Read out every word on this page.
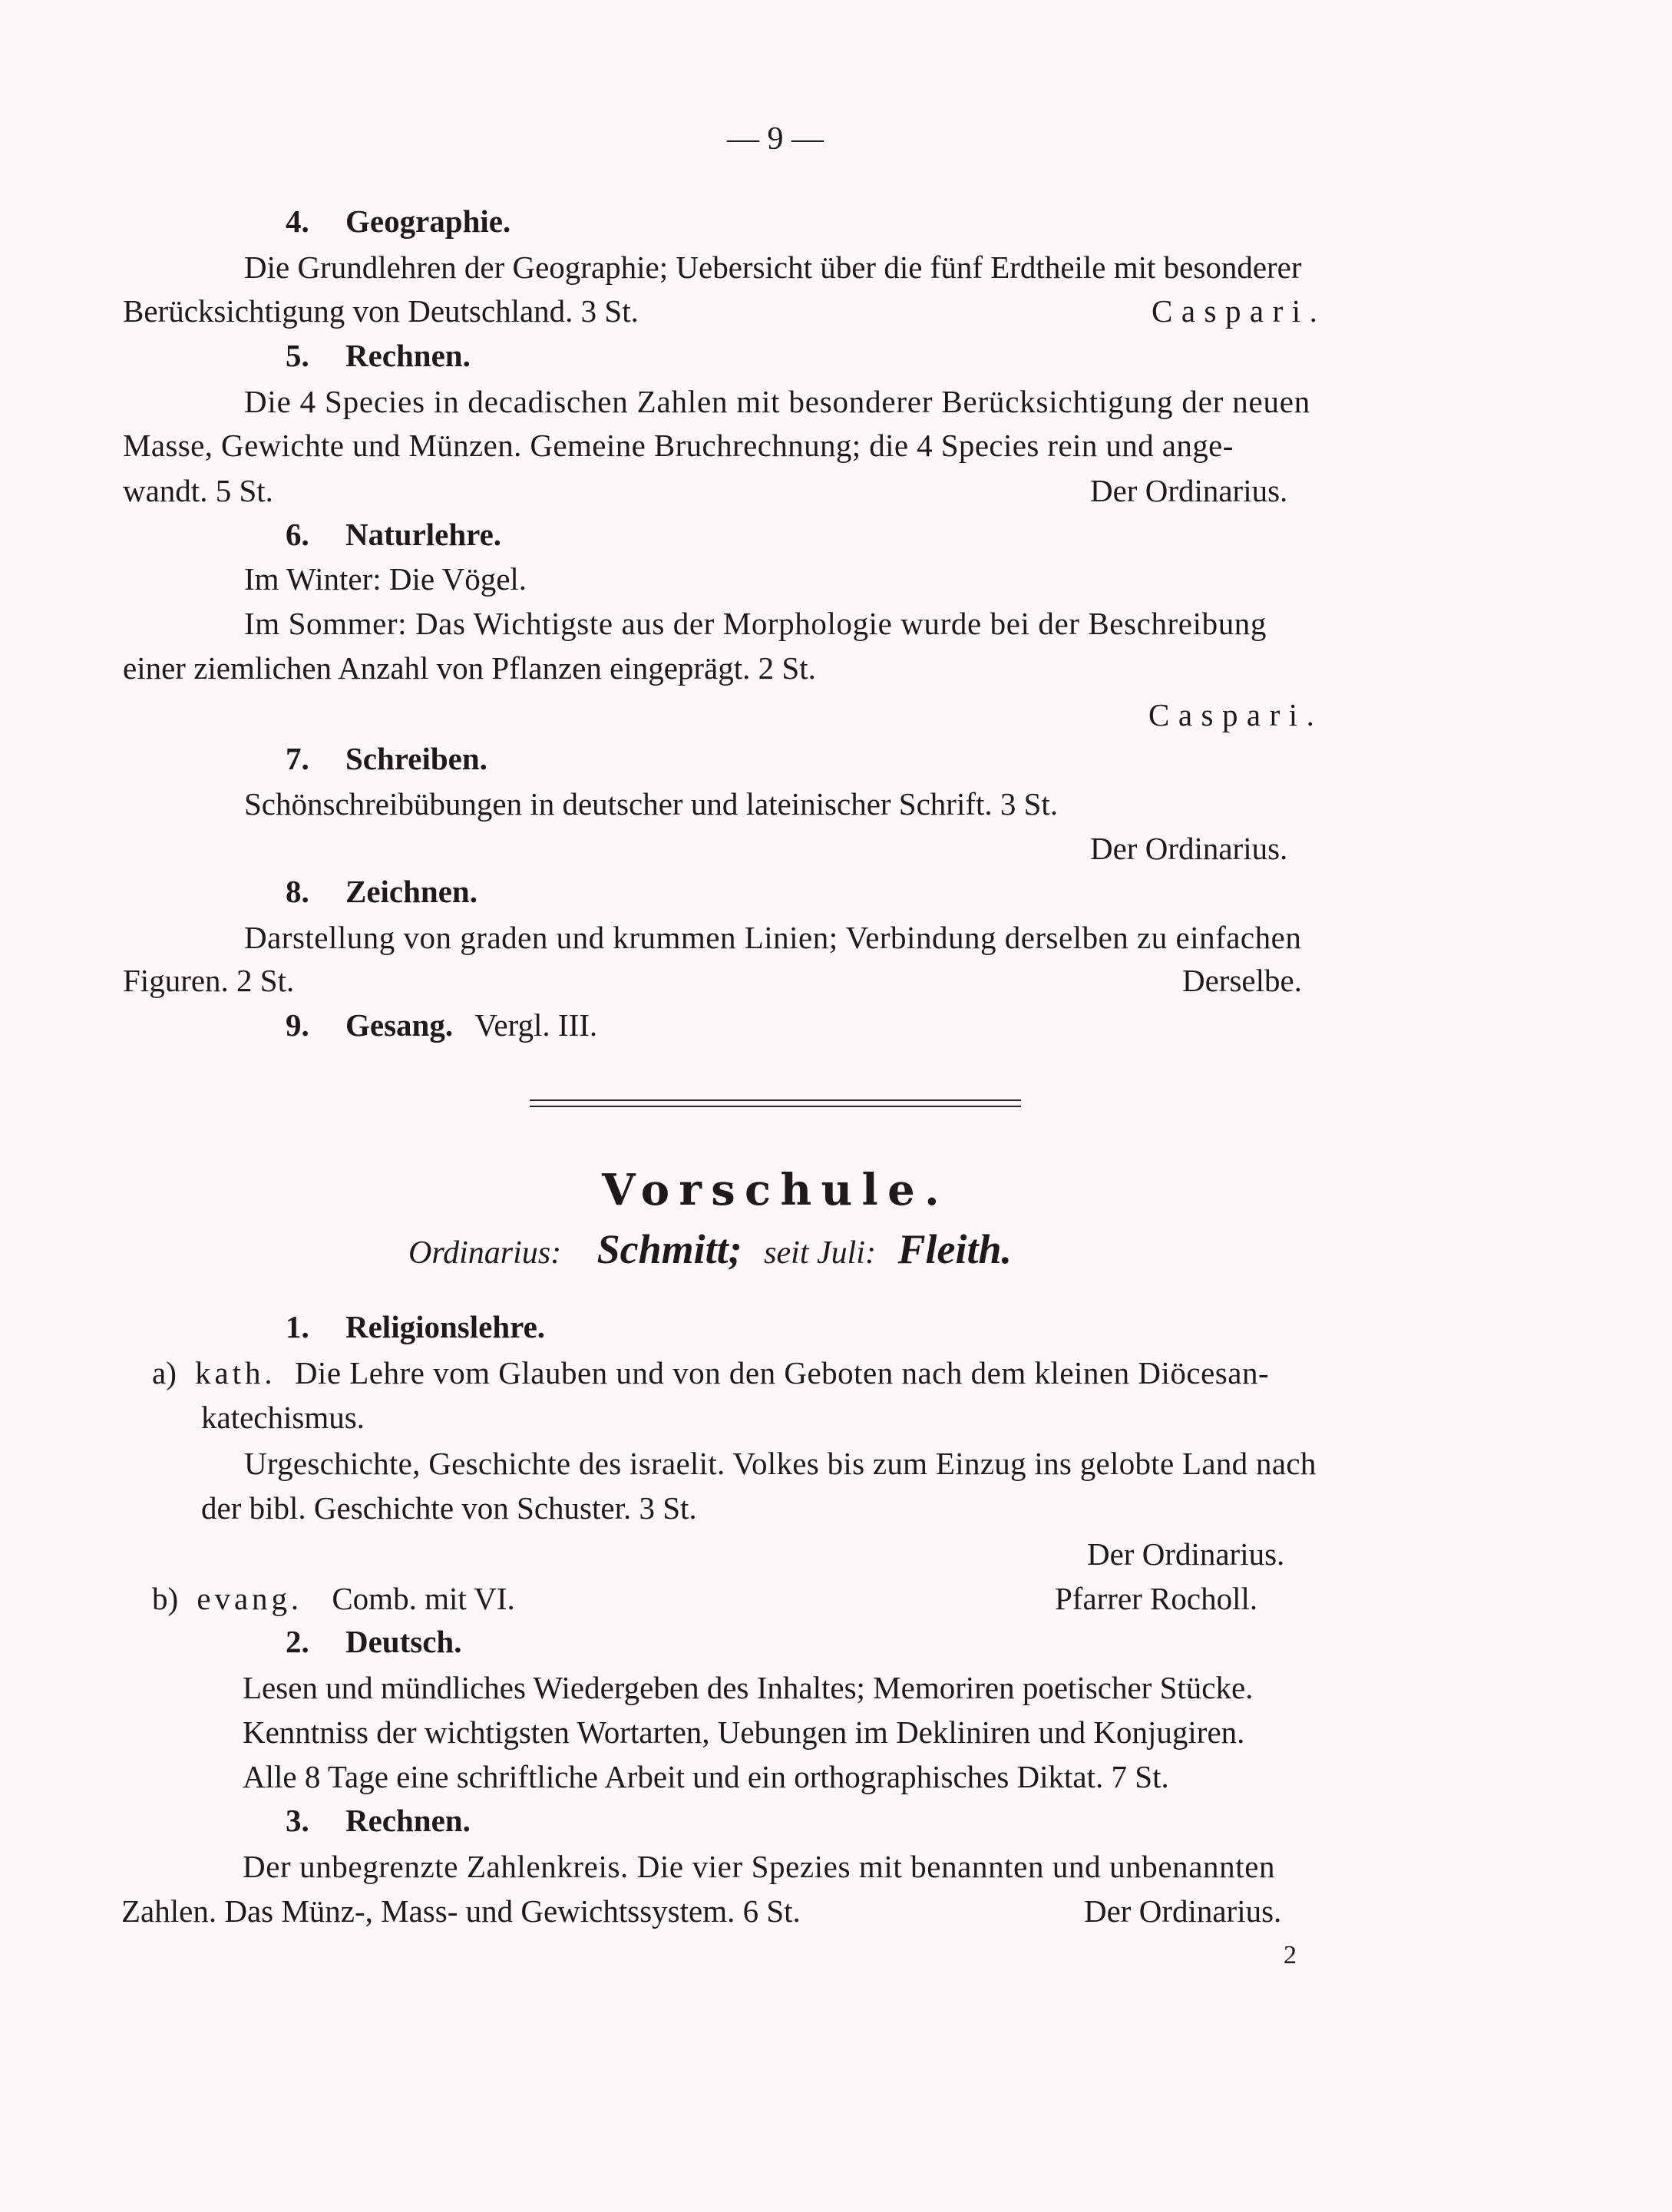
— 9 —
4. Geographie.
Die Grundlehren der Geographie; Uebersicht über die fünf Erdtheile mit besonderer
Berücksichtigung von Deutschland. 3 St.	Caspari.
5. Rechnen.
Die 4 Species in decadischen Zahlen mit besonderer Berücksichtigung der neuen
Masse, Gewichte und Münzen. Gemeine Bruchrechnung; die 4 Species rein und ange-
wandt. 5 St.	Der Ordinarius.
6. Naturlehre.
Im Winter: Die Vögel.
Im Sommer: Das Wichtigste aus der Morphologie wurde bei der Beschreibung
einer ziemlichen Anzahl von Pflanzen eingeprägt. 2 St.
Caspari.
7. Schreiben.
Schönschreibübungen in deutscher und lateinischer Schrift. 3 St.
Der Ordinarius.
8. Zeichnen.
Darstellung von graden und krummen Linien; Verbindung derselben zu einfachen
Figuren. 2 St.	Derselbe.
9. Gesang. Vergl. III.
Vorschule.
Ordinarius: Schmitt; seit Juli: Fleith.
1. Religionslehre.
a) kath. Die Lehre vom Glauben und von den Geboten nach dem kleinen Diöcesan-
katechismus.
Urgeschichte, Geschichte des israelit. Volkes bis zum Einzug ins gelobte Land nach
der bibl. Geschichte von Schuster. 3 St.
Der Ordinarius.
b) evang. Comb. mit VI.	Pfarrer Rocholl.
2. Deutsch.
Lesen und mündliches Wiedergeben des Inhaltes; Memoriren poetischer Stücke.
Kenntniss der wichtigsten Wortarten, Uebungen im Dekliniren und Konjugiren.
Alle 8 Tage eine schriftliche Arbeit und ein orthographisches Diktat. 7 St.
3. Rechnen.
Der unbegrenzte Zahlenkreis. Die vier Spezies mit benannten und unbenannten
Zahlen. Das Münz-, Mass- und Gewichtssystem. 6 St.	Der Ordinarius.
2
